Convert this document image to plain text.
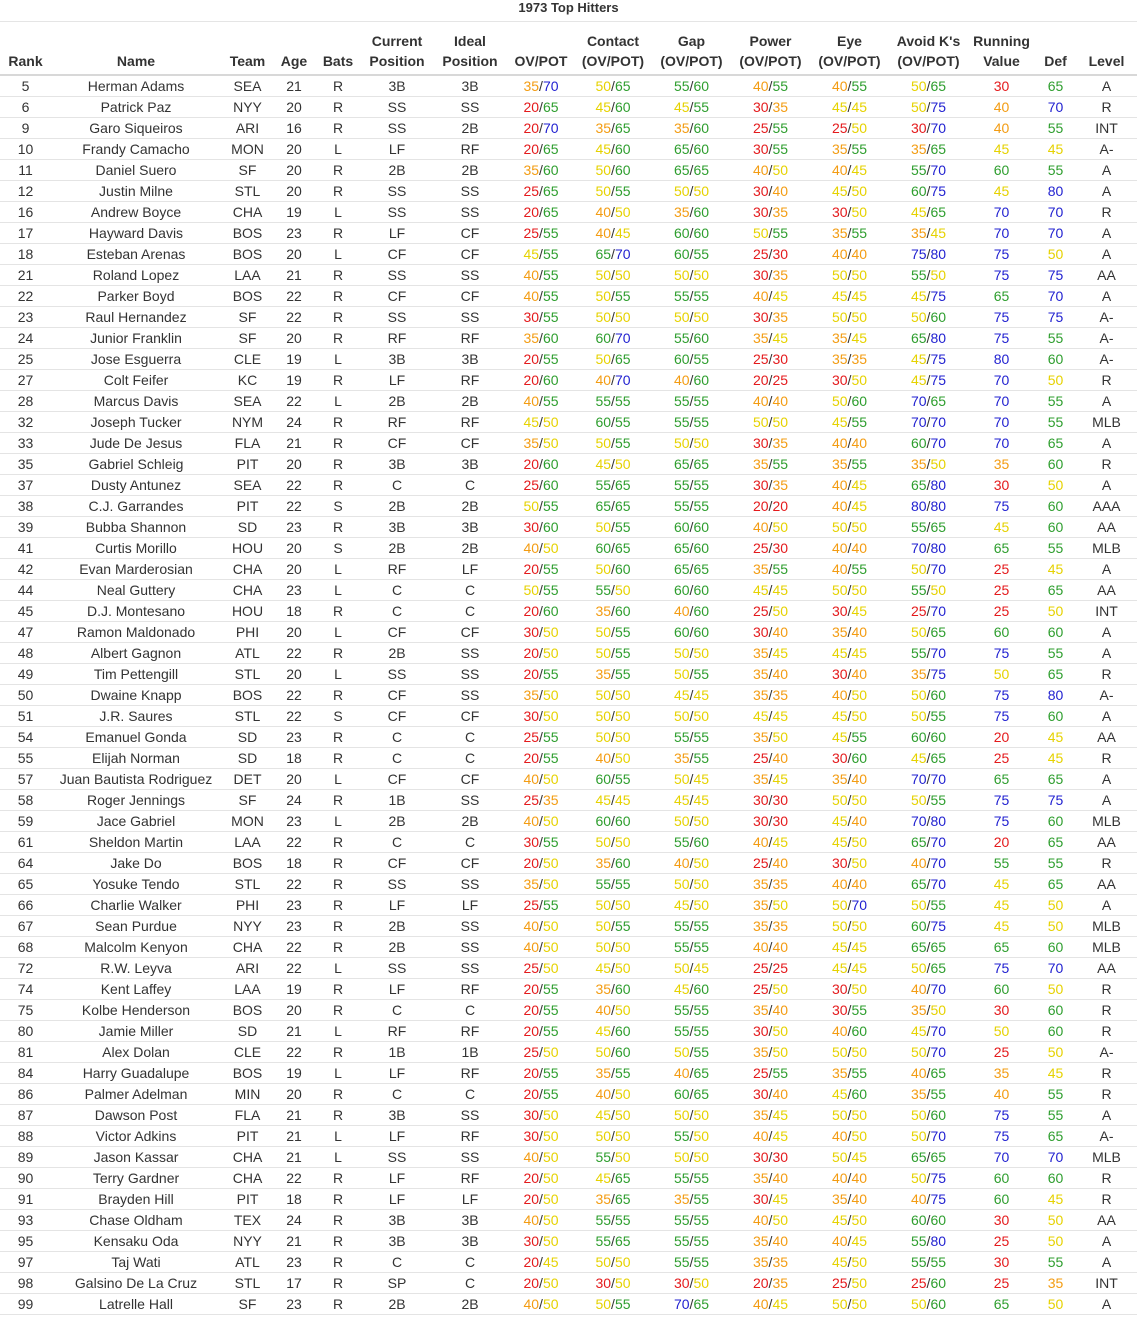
1973 Top Hitters
Rank	Name	Team	Age	Bats	Current Position	Ideal Position	OV/POT	Contact (OV/POT)	Gap (OV/POT)	Power (OV/POT)	Eye (OV/POT)	Avoid K's (OV/POT)	Running Value	Def	Level
5	Herman Adams	SEA	21	R	3B	3B	35/70	50/65	55/60	40/55	40/55	50/65	30	65	A
6	Patrick Paz	NYY	20	R	SS	SS	20/65	45/60	45/55	30/35	45/45	50/75	40	70	R
9	Garo Siqueiros	ARI	16	R	SS	2B	20/70	35/65	35/60	25/55	25/50	30/70	40	55	INT
10	Frandy Camacho	MON	20	L	LF	RF	20/65	45/60	65/60	30/55	35/55	35/65	45	45	A-
11	Daniel Suero	SF	20	R	2B	2B	35/60	50/60	65/65	40/50	40/45	55/70	60	55	A
12	Justin Milne	STL	20	R	SS	SS	25/65	50/55	50/50	30/40	45/50	60/75	45	80	A
16	Andrew Boyce	CHA	19	L	SS	SS	20/65	40/50	35/60	30/35	30/50	45/65	70	70	R
17	Hayward Davis	BOS	23	R	LF	CF	25/55	40/45	60/60	50/55	35/55	35/45	70	70	A
18	Esteban Arenas	BOS	20	L	CF	CF	45/55	65/70	60/55	25/30	40/40	75/80	75	50	A
21	Roland Lopez	LAA	21	R	SS	SS	40/55	50/50	50/50	30/35	50/50	55/50	75	75	AA
22	Parker Boyd	BOS	22	R	CF	CF	40/55	50/55	55/55	40/45	45/45	45/75	65	70	A
23	Raul Hernandez	SF	22	R	SS	SS	30/55	50/50	50/50	30/35	50/50	50/60	75	75	A-
24	Junior Franklin	SF	20	R	RF	RF	35/60	60/70	55/60	35/45	35/45	65/80	75	55	A-
25	Jose Esguerra	CLE	19	L	3B	3B	20/55	50/65	60/55	25/30	35/35	45/75	80	60	A-
27	Colt Feifer	KC	19	R	LF	RF	20/60	40/70	40/60	20/25	30/50	45/75	70	50	R
28	Marcus Davis	SEA	22	L	2B	2B	40/55	55/55	55/55	40/40	50/60	70/65	70	55	A
32	Joseph Tucker	NYM	24	R	RF	RF	45/50	60/55	55/55	50/50	45/55	70/70	70	55	MLB
33	Jude De Jesus	FLA	21	R	CF	CF	35/50	50/55	50/50	30/35	40/40	60/70	70	65	A
35	Gabriel Schleig	PIT	20	R	3B	3B	20/60	45/50	65/65	35/55	35/55	35/50	35	60	R
37	Dusty Antunez	SEA	22	R	C	C	25/60	55/65	55/55	30/35	40/45	65/80	30	50	A
38	C.J. Garrandes	PIT	22	S	2B	2B	50/55	65/65	55/55	20/20	40/45	80/80	75	60	AAA
39	Bubba Shannon	SD	23	R	3B	3B	30/60	50/55	60/60	40/50	50/50	55/65	45	60	AA
41	Curtis Morillo	HOU	20	S	2B	2B	40/50	60/65	65/60	25/30	40/40	70/80	65	55	MLB
42	Evan Marderosian	CHA	20	L	RF	LF	20/55	50/60	65/65	35/55	40/55	50/70	25	45	A
44	Neal Guttery	CHA	23	L	C	C	50/55	55/50	60/60	45/45	50/50	55/50	25	65	AA
45	D.J. Montesano	HOU	18	R	C	C	20/60	35/60	40/60	25/50	30/45	25/70	25	50	INT
47	Ramon Maldonado	PHI	20	L	CF	CF	30/50	50/55	60/60	30/40	35/40	50/65	60	60	A
48	Albert Gagnon	ATL	22	R	2B	SS	20/50	50/55	50/50	35/45	45/45	55/70	75	55	A
49	Tim Pettengill	STL	20	L	SS	SS	20/55	35/55	50/55	35/40	30/40	35/75	50	65	R
50	Dwaine Knapp	BOS	22	R	CF	SS	35/50	50/50	45/45	35/35	40/50	50/60	75	80	A-
51	J.R. Saures	STL	22	S	CF	CF	30/50	50/50	50/50	45/45	45/50	50/55	75	60	A
54	Emanuel Gonda	SD	23	R	C	C	25/55	50/50	55/55	35/50	45/55	60/60	20	45	AA
55	Elijah Norman	SD	18	R	C	C	20/55	40/50	35/55	25/40	30/60	45/65	25	45	R
57	Juan Bautista Rodriguez	DET	20	L	CF	CF	40/50	60/55	50/45	35/45	35/40	70/70	65	65	A
58	Roger Jennings	SF	24	R	1B	SS	25/35	45/45	45/45	30/30	50/50	50/55	75	75	A
59	Jace Gabriel	MON	23	L	2B	2B	40/50	60/60	50/50	30/30	45/40	70/80	75	60	MLB
61	Sheldon Martin	LAA	22	R	C	C	30/55	50/50	55/60	40/45	45/50	65/70	20	65	AA
64	Jake Do	BOS	18	R	CF	CF	20/50	35/60	40/50	25/40	30/50	40/70	55	55	R
65	Yosuke Tendo	STL	22	R	SS	SS	35/50	55/55	50/50	35/35	40/40	65/70	45	65	AA
66	Charlie Walker	PHI	23	R	LF	LF	25/55	50/50	45/50	35/50	50/70	50/55	45	50	A
67	Sean Purdue	NYY	23	R	2B	SS	40/50	50/55	55/55	35/35	50/50	60/75	45	50	MLB
68	Malcolm Kenyon	CHA	22	R	2B	SS	40/50	50/50	55/55	40/40	45/45	65/65	65	60	MLB
72	R.W. Leyva	ARI	22	L	SS	SS	25/50	45/50	50/45	25/25	45/45	50/65	75	70	AA
74	Kent Laffey	LAA	19	R	LF	RF	20/55	35/60	45/60	25/50	30/50	40/70	60	50	R
75	Kolbe Henderson	BOS	20	R	C	C	20/55	40/50	55/55	35/40	30/55	35/50	30	60	R
80	Jamie Miller	SD	21	L	RF	RF	20/55	45/60	55/55	30/50	40/60	45/70	50	60	R
81	Alex Dolan	CLE	22	R	1B	1B	25/50	50/60	50/55	35/50	50/50	50/70	25	50	A-
84	Harry Guadalupe	BOS	19	L	LF	RF	20/55	35/55	40/65	25/55	35/55	40/65	35	45	R
86	Palmer Adelman	MIN	20	R	C	C	20/55	40/50	60/65	30/40	45/60	35/55	40	55	R
87	Dawson Post	FLA	21	R	3B	SS	30/50	45/50	50/50	35/45	50/50	50/60	75	55	A
88	Victor Adkins	PIT	21	L	LF	RF	30/50	50/50	55/50	40/45	40/50	50/70	75	65	A-
89	Jason Kassar	CHA	21	L	SS	SS	40/50	55/50	50/50	30/30	50/45	65/65	70	70	MLB
90	Terry Gardner	CHA	22	R	LF	RF	20/50	45/65	55/55	35/40	40/40	50/75	60	60	R
91	Brayden Hill	PIT	18	R	LF	LF	20/50	35/65	35/55	30/45	35/40	40/75	60	45	R
93	Chase Oldham	TEX	24	R	3B	3B	40/50	55/55	55/55	40/50	45/50	60/60	30	50	AA
95	Kensaku Oda	NYY	21	R	3B	3B	30/50	55/65	55/55	35/40	40/45	55/80	25	50	A
97	Taj Wati	ATL	23	R	C	C	20/45	50/50	55/55	35/35	45/50	55/55	30	55	A
98	Galsino De La Cruz	STL	17	R	SP	C	20/50	30/50	30/50	20/35	25/50	25/60	25	35	INT
99	Latrelle Hall	SF	23	R	2B	2B	40/50	50/55	70/65	40/45	50/50	50/60	65	50	A
